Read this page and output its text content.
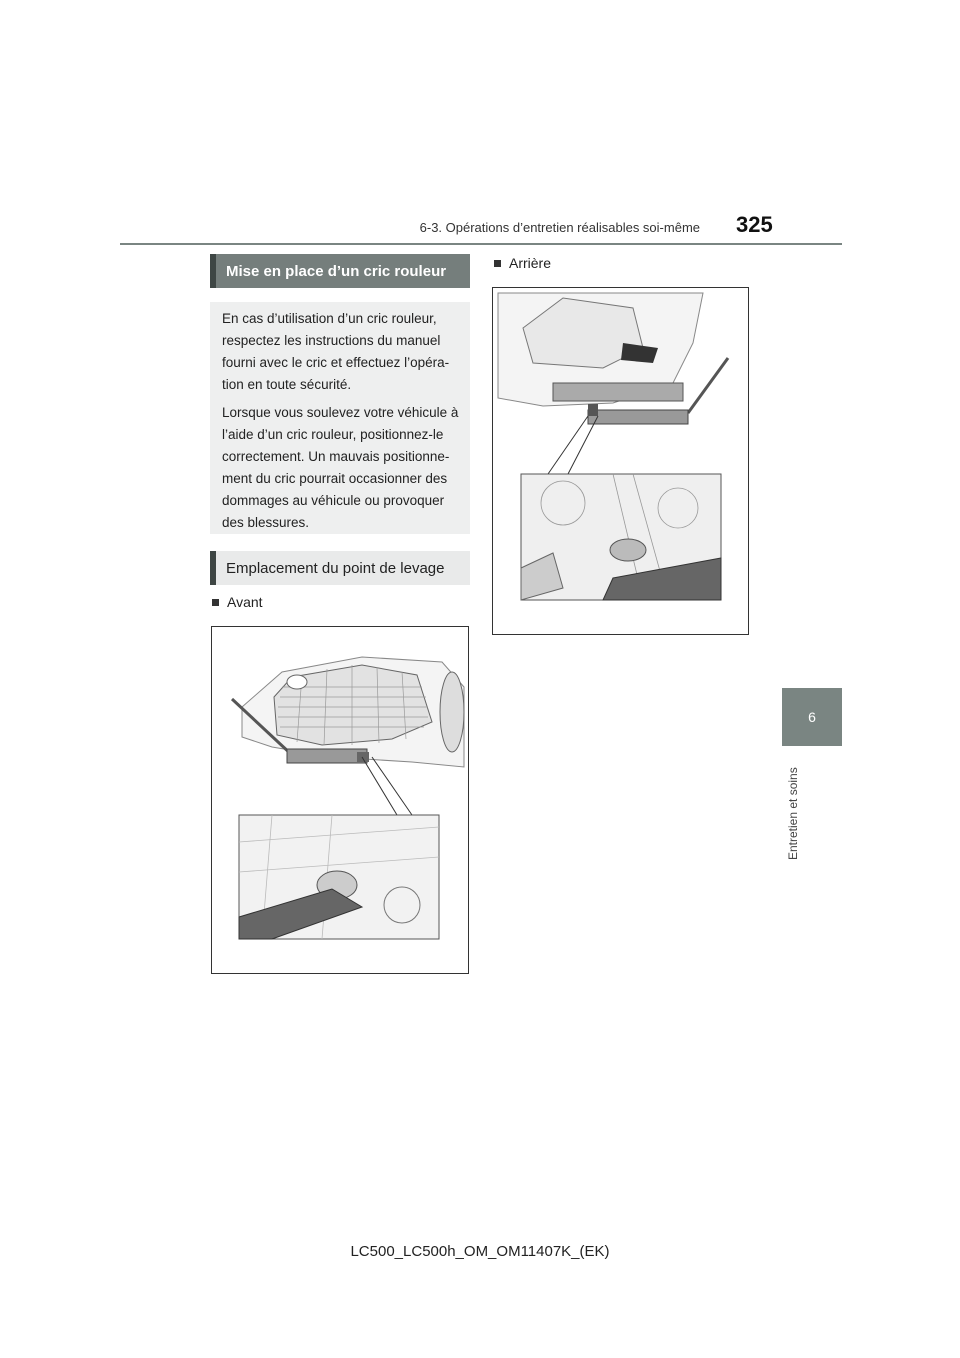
6-3. Opérations d’entretien réalisables soi-même 325
6
Entretien et soins
Mise en place d’un cric rouleur

En cas d’utilisation d’un cric rouleur, respectez les instructions du manuel fourni avec le cric et effectuez l’opéra-tion en toute sécurité.

Lorsque vous soulevez votre véhicule à l’aide d’un cric rouleur, positionnez-le correctement. Un mauvais positionne-ment du cric pourrait occasionner des dommages au véhicule ou provoquer des blessures.

Emplacement du point de levage
Avant
Arrière
LC500_LC500h_OM_OM11407K_(EK)
